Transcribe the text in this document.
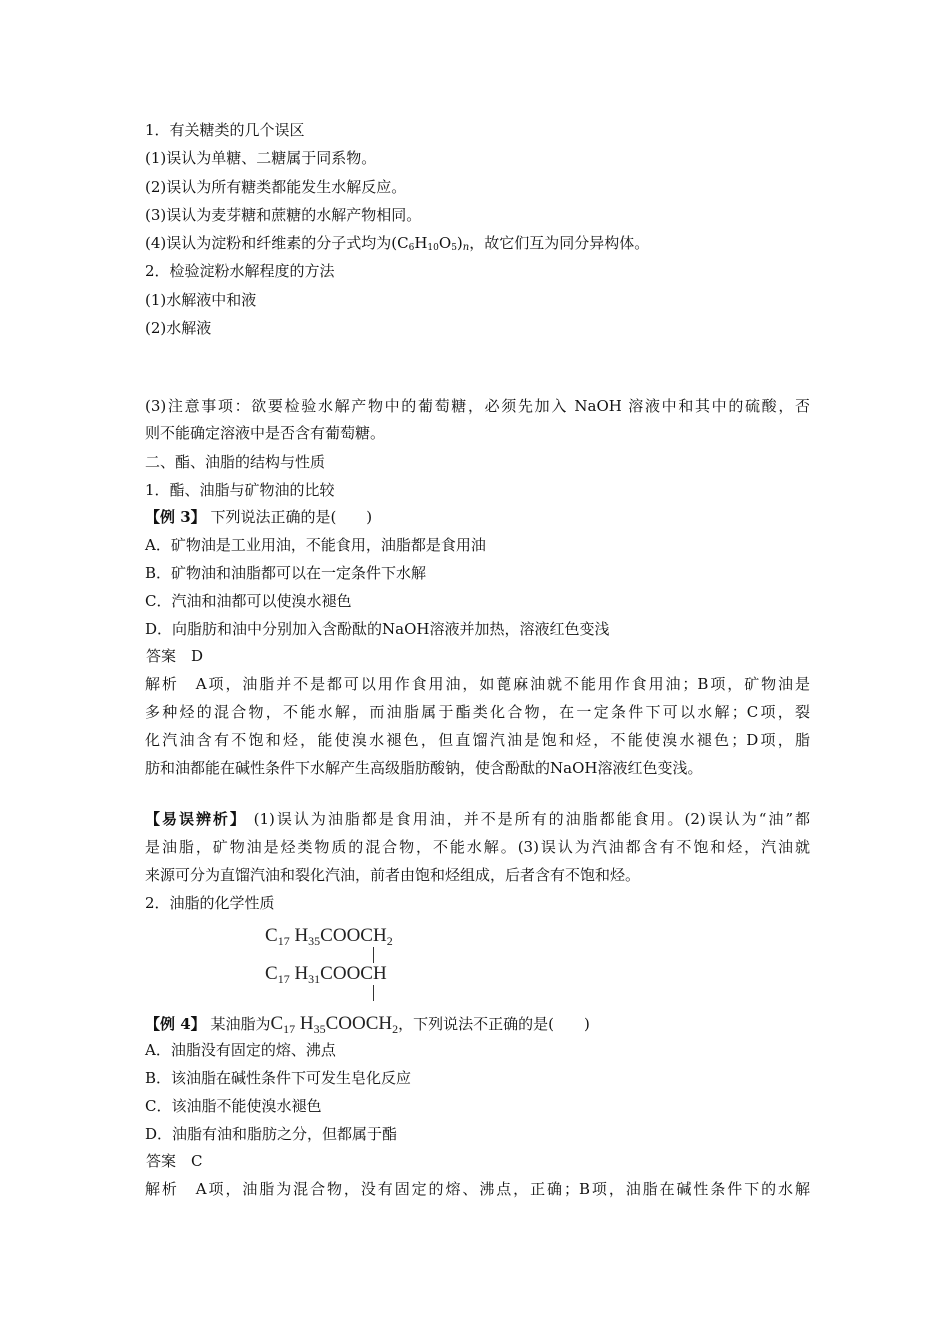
1．有关糖类的几个误区
(1)误认为单糖、二糖属于同系物。
(2)误认为所有糖类都能发生水解反应。
(3)误认为麦芽糖和蔗糖的水解产物相同。
(4)误认为淀粉和纤维素的分子式均为$(C_6H_{10}O_5)n$，故它们互为同分异构体。
2．检验淀粉水解程度的方法
(1)水解液中和液
(2)水解液
(3)注意事项：欲要检验水解产物中的葡萄糖，必须先加入 NaOH 溶液中和其中的硫酸，否
则不能确定溶液中是否含有葡萄糖。
二、酯、油脂的结构与性质
1．酯、油脂与矿物油的比较
【例 3】 下列说法正确的是(　　)
A．矿物油是工业用油，不能食用，油脂都是食用油
B．矿物油和油脂都可以在一定条件下水解
C．汽油和油都可以使溴水褪色
D．向脂肪和油中分别加入含酚酞的NaOH溶液并加热，溶液红色变浅
答案　D
解析　A项，油脂并不是都可以用作食用油，如蓖麻油就不能用作食用油；B项，矿物油是
多种烃的混合物，不能水解，而油脂属于酯类化合物，在一定条件下可以水解；C项，裂
化汽油含有不饱和烃，能使溴水褪色，但直馏汽油是饱和烃，不能使溴水褪色；D项，脂
肪和油都能在碱性条件下水解产生高级脂肪酸钠，使含酚酞的NaOH溶液红色变浅。
【易误辨析】 (1)误认为油脂都是食用油，并不是所有的油脂都能食用。(2)误认为“油”都
是油脂，矿物油是烃类物质的混合物，不能水解。(3)误认为汽油都含有不饱和烃，汽油就
来源可分为直馏汽油和裂化汽油，前者由饱和烃组成，后者含有不饱和烃。
2．油脂的化学性质
$C_{17}$ $H_{35}COOCH_2$
$C_{17}$ $H_{31}COOCH$
【例 4】 某油脂为$C_{17}$ $H_{35}COOCH_2$，下列说法不正确的是(　　)
A．油脂没有固定的熔、沸点
B．该油脂在碱性条件下可发生皂化反应
C．该油脂不能使溴水褪色
D．油脂有油和脂肪之分，但都属于酯
答案　C
解析　A项，油脂为混合物，没有固定的熔、沸点，正确；B项，油脂在碱性条件下的水解
